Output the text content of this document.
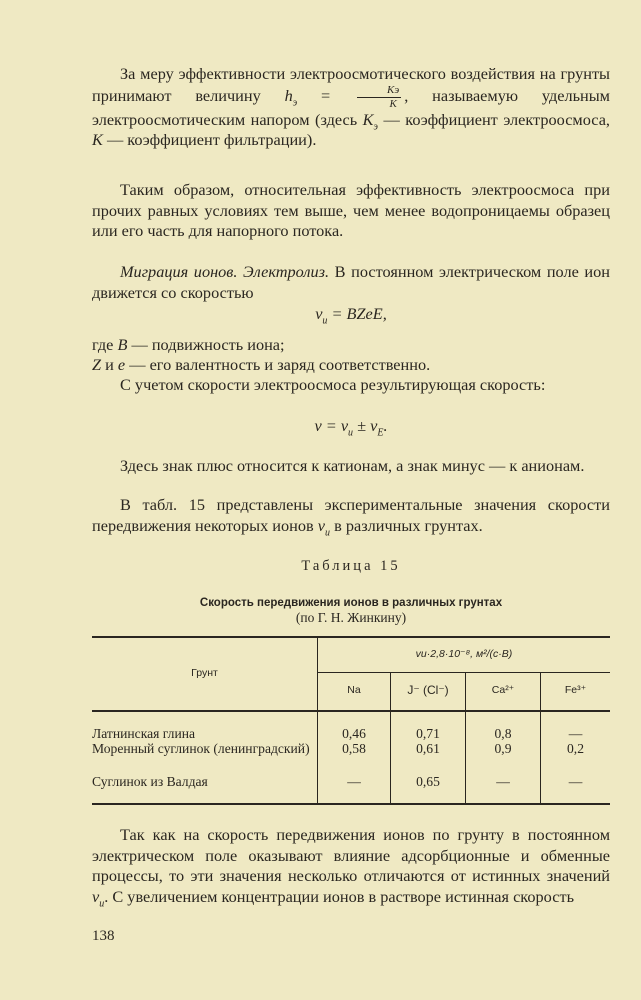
За меру эффективности электроосмотического воздействия на грунты принимают величину $h_э = \frac{Kэ}{K}$ , называемую удельным электроосмотическим напором (здесь $K_э$ — коэффициент электроосмоса, K — коэффициент фильтрации).

Таким образом, относительная эффективность электроосмоса при прочих равных условиях тем выше, чем менее водопроницаемы образец или его часть для напорного потока.

Миграция ионов. Электролиз. В постоянном электрическом поле ион движется со скоростью

$v_и$ = BZeE,

где B — подвижность иона;

Z и e — его валентность и заряд соответственно.

С учетом скорости электроосмоса результирующая скорость:

$v = v_и \pm v_E$.

Здесь знак плюс относится к катионам, а знак минус — к анионам.

В табл. 15 представлены экспериментальные значения скорости передвижения некоторых ионов $v_и$ в различных грунтах.

Таблица 15
Скорость передвижения ионов в различных грунтах
(по Г. Н. Жинкину)
Грунт
vи·2,8·10⁻⁸, м²/(с·В)
Na	J⁻ (Cl⁻)	Ca²⁺	Fe³⁺
Латнинская глина	0,46	0,71	0,8	—
Моренный суглинок (ленинградский)	0,58	0,61	0,9	0,2
Суглинок из Валдая	—	0,65	—	—

Так как на скорость передвижения ионов по грунту в постоянном электрическом поле оказывают влияние адсорбционные и обменные процессы, то эти значения несколько отличаются от истинных значений $v_и$. С увеличением концентрации ионов в растворе истинная скорость

138
